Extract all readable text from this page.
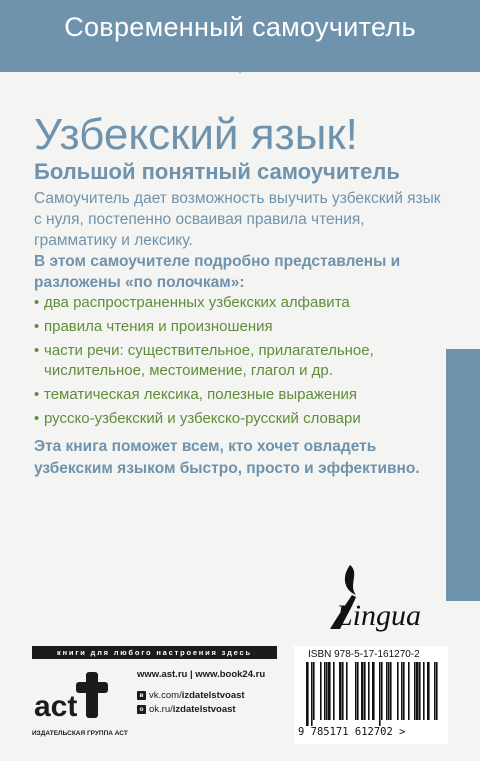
Современный самоучитель
Узбекский язык!
Большой понятный самоучитель

Самоучитель дает возможность выучить узбекский язык с нуля, постепенно осваивая правила чтения, грамматику и лексику.

В этом самоучителе подробно представлены и разложены «по полочкам»:

• два распространенных узбекских алфавита
• правила чтения и произношения
• части речи: существительное, прилагательное, числительное, местоимение, глагол и др.
• тематическая лексика, полезные выражения
• русско-узбекский и узбекско-русский словари

Эта книга поможет всем, кто хочет овладеть узбекским языком быстро, просто и эффективно.

Lingua
книги для любого настроения здесь
act
ИЗДАТЕЛЬСКАЯ ГРУППА АСТ
www.ast.ru | www.book24.ru
в vk.com/izdatelstvoast
о ok.ru/izdatelstvoast
ISBN 978-5-17-161270-2
9 785171 612702 >
